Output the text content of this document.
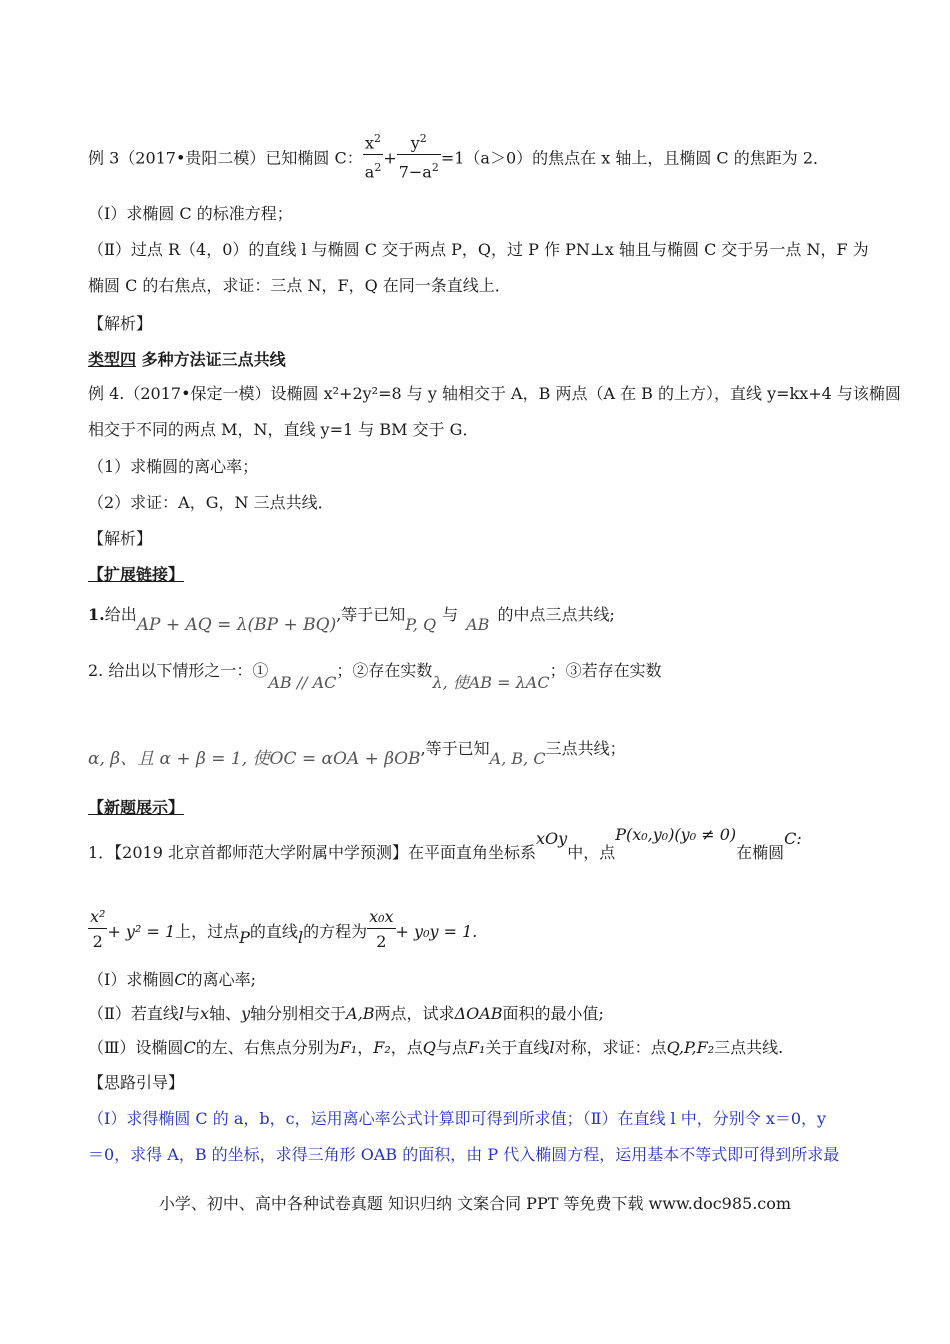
例 3（2017•贵阳二模）已知椭圆 C： $\frac{x^2}{a^2} + \frac{y^2}{7-a^2} =1(a>0)$的焦点在 x 轴上，且椭圆 C 的焦距为 2．
（Ⅰ）求椭圆 C 的标准方程；
（Ⅱ）过点 R（4，0）的直线 l 与椭圆 C 交于两点 P，Q，过 P 作 PN⊥x 轴且与椭圆 C 交于另一点 N，F 为
椭圆 C 的右焦点，求证：三点 N，F，Q 在同一条直线上．
【解析】
类型四 多种方法证三点共线
例 4.（2017•保定一模）设椭圆 x²+2y²=8 与 y 轴相交于 A，B 两点（A 在 B 的上方），直线 y=kx+4 与该椭圆
相交于不同的两点 M，N，直线 y=1 与 BM 交于 G．
（1）求椭圆的离心率；
（2）求证：A，G，N 三点共线．
【解析】
【扩展链接】
1.给出AP + AQ = λ(BP + BQ),等于已知P, Q与AB的中点三点共线;
2. 给出以下情形之一：①AB // AC；②存在实数λ, 使AB = λAC；③若存在实数
α, β、且 α + β = 1, 使OC = αOA + βOB,等于已知A, B, C三点共线；
【新题展示】
1．【2019 北京首都师范大学附属中学预测】在平面直角坐标系xOy中，点P(x₀,y₀)(y₀ ≠ 0)在椭圆C:
$\frac{\text{x²}}{2} + y^2 = 1$上，过点P的直线l的方程为 $\frac{\text{x₀x}}{2} + y_0y = 1$.
（Ⅰ）求椭圆C的离心率;
（Ⅱ）若直线l与x轴、y轴分别相交于A,B两点，试求ΔOAB面积的最小值;
（Ⅲ）设椭圆C的左、右焦点分别为F₁，F₂，点Q与点F₁关于直线l对称，求证：点Q,P,F₂三点共线.
【思路引导】
（Ⅰ）求得椭圆 C 的 a，b，c，运用离心率公式计算即可得到所求值；（Ⅱ）在直线 l 中，分别令 x＝0，y
＝0，求得 A，B 的坐标，求得三角形 OAB 的面积，由 P 代入椭圆方程，运用基本不等式即可得到所求最
小学、初中、高中各种试卷真题 知识归纳 文案合同 PPT 等免费下载 www.doc985.com
